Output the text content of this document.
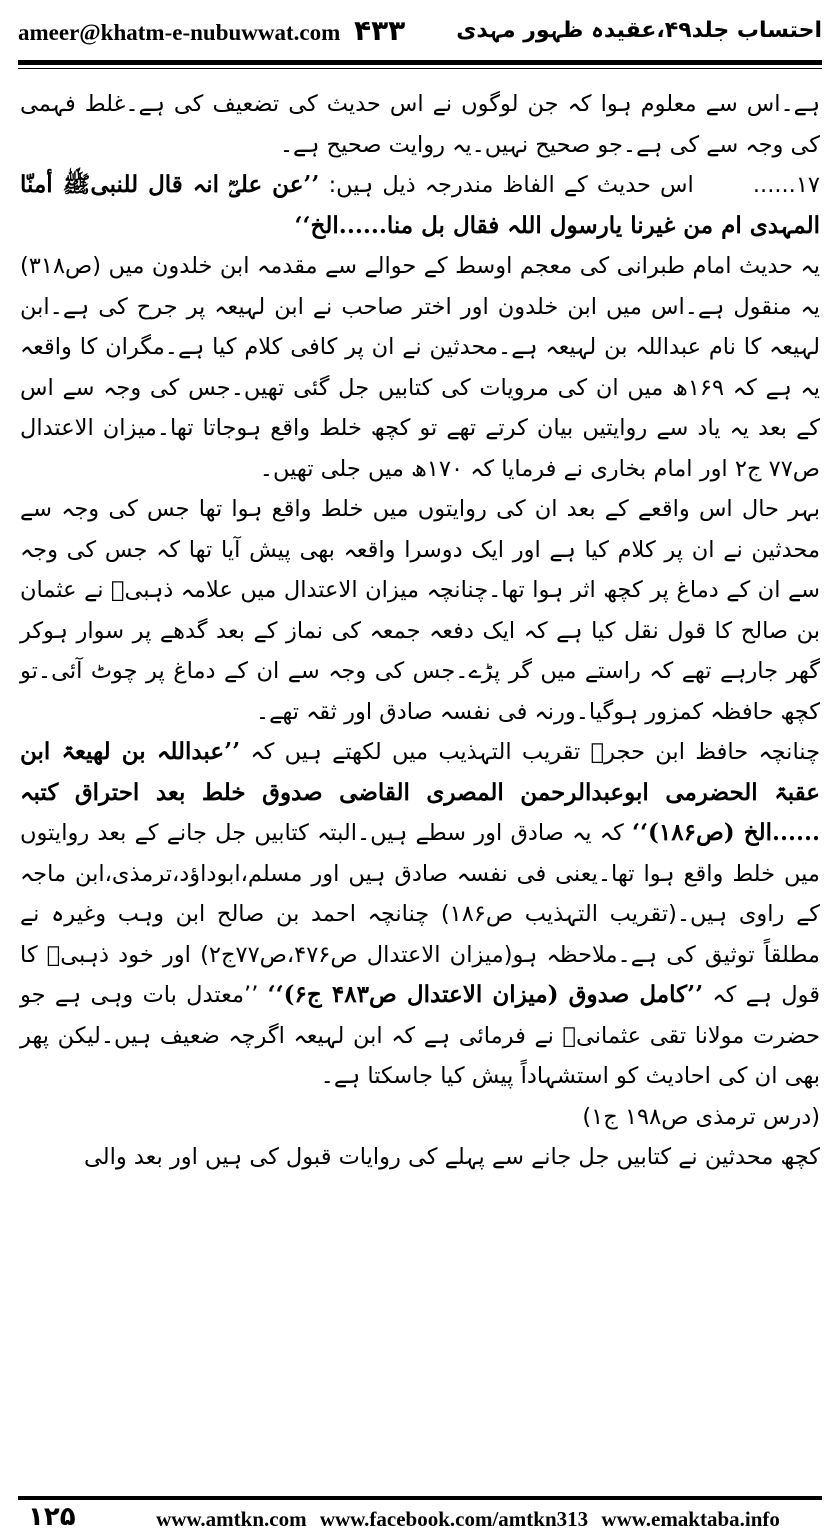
ameer@khatm-e-nubuwwat.com ۴۳۳ احتساب جلد۴۹،عقیدہ ظہور مہدی

ہے۔اس سے معلوم ہوا کہ جن لوگوں نے اس حدیث کی تضعیف کی ہے۔غلط فہمی کی وجہ سے کی ہے۔جو صحیح نہیں۔یہ روایت صحیح ہے۔

۱۷...... اس حدیث کے الفاظ مندرجہ ذیل ہیں: ’’عن علیؓ انہ قال للنبیﷺ أمنّا المہدی ام من غیرنا یارسول اللہ فقال بل منا......الخ‘‘

یہ حدیث امام طبرانی کی معجم اوسط کے حوالے سے مقدمہ ابن خلدون میں (ص۳۱۸) یہ منقول ہے۔اس میں ابن خلدون اور اختر صاحب نے ابن لہیعہ پر جرح کی ہے۔ابن لہیعہ کا نام عبداللہ بن لہیعہ ہے۔محدثین نے ان پر کافی کلام کیا ہے۔مگران کا واقعہ یہ ہے کہ ۱۶۹ھ میں ان کی مرویات کی کتابیں جل گئی تھیں۔جس کی وجہ سے اس کے بعد یہ یاد سے روایتیں بیان کرتے تھے تو کچھ خلط واقع ہوجاتا تھا۔میزان الاعتدال ص۷۷ ج۲ اور امام بخاری نے فرمایا کہ ۱۷۰ھ میں جلی تھیں۔

بہر حال اس واقعے کے بعد ان کی روایتوں میں خلط واقع ہوا تھا جس کی وجہ سے محدثین نے ان پر کلام کیا ہے اور ایک دوسرا واقعہ بھی پیش آیا تھا کہ جس کی وجہ سے ان کے دماغ پر کچھ اثر ہوا تھا۔چنانچہ میزان الاعتدال میں علامہ ذہبیؒ نے عثمان بن صالح کا قول نقل کیا ہے کہ ایک دفعہ جمعہ کی نماز کے بعد گدھے پر سوار ہوکر گھر جارہے تھے کہ راستے میں گر پڑے۔جس کی وجہ سے ان کے دماغ پر چوٹ آئی۔تو کچھ حافظہ کمزور ہوگیا۔ورنہ فی نفسہ صادق اور ثقہ تھے۔

چنانچہ حافظ ابن حجرؒ تقریب التہذیب میں لکھتے ہیں کہ ’’عبداللہ بن لھیعۃ ابن عقبۃ الحضرمی ابوعبدالرحمن المصری القاضی صدوق خلط بعد احتراق کتبہ ......الخ (ص۱۸۶)‘‘ کہ یہ صادق اور سطے ہیں۔البتہ کتابیں جل جانے کے بعد روایتوں میں خلط واقع ہوا تھا۔یعنی فی نفسہ صادق ہیں اور مسلم،ابوداؤد،ترمذی،ابن ماجہ کے راوی ہیں۔(تقریب التہذیب ص۱۸۶) چنانچہ احمد بن صالح ابن وہب وغیرہ نے مطلقاً توثیق کی ہے۔ملاحظہ ہو(میزان الاعتدال ص۴۷۶،ص۷۷ج۲) اور خود ذہبیؒ کا قول ہے کہ ’’کامل صدوق (میزان الاعتدال ص۴۸۳ ج۶)‘‘ ’’معتدل بات وہی ہے جو حضرت مولانا تقی عثمانیؒ نے فرمائی ہے کہ ابن لہیعہ اگرچہ ضعیف ہیں۔لیکن پھر بھی ان کی احادیث کو استشہاداً پیش کیا جاسکتا ہے۔

(درس ترمذی ص۱۹۸ ج۱)

کچھ محدثین نے کتابیں جل جانے سے پہلے کی روایات قبول کی ہیں اور بعد والی

۱۲۵	www.amtkn.com www.facebook.com/amtkn313 www.emaktaba.info
